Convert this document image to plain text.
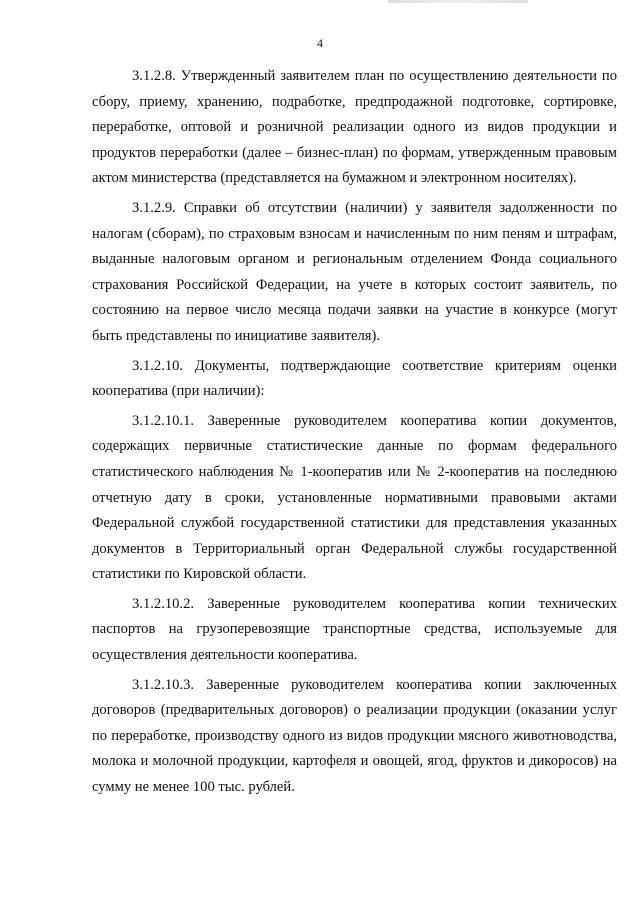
4

3.1.2.8. Утвержденный заявителем план по осуществлению деятельности по сбору, приему, хранению, подработке, предпродажной подготовке, сортировке, переработке, оптовой и розничной реализации одного из видов продукции и продуктов переработки (далее – бизнес-план) по формам, утвержденным правовым актом министерства (представляется на бумажном и электронном носителях).

3.1.2.9. Справки об отсутствии (наличии) у заявителя задолженности по налогам (сборам), по страховым взносам и начисленным по ним пеням и штрафам, выданные налоговым органом и региональным отделением Фонда социального страхования Российской Федерации, на учете в которых состоит заявитель, по состоянию на первое число месяца подачи заявки на участие в конкурсе (могут быть представлены по инициативе заявителя).

3.1.2.10. Документы, подтверждающие соответствие критериям оценки кооператива (при наличии):

3.1.2.10.1. Заверенные руководителем кооператива копии документов, содержащих первичные статистические данные по формам федерального статистического наблюдения № 1-кооператив или № 2-кооператив на последнюю отчетную дату в сроки, установленные нормативными правовыми актами Федеральной службой государственной статистики для представления указанных документов в Территориальный орган Федеральной службы государственной статистики по Кировской области.

3.1.2.10.2. Заверенные руководителем кооператива копии технических паспортов на грузоперевозящие транспортные средства, используемые для осуществления деятельности кооператива.

3.1.2.10.3. Заверенные руководителем кооператива копии заключенных договоров (предварительных договоров) о реализации продукции (оказании услуг по переработке, производству одного из видов продукции мясного животноводства, молока и молочной продукции, картофеля и овощей, ягод, фруктов и дикоросов) на сумму не менее 100 тыс. рублей.
